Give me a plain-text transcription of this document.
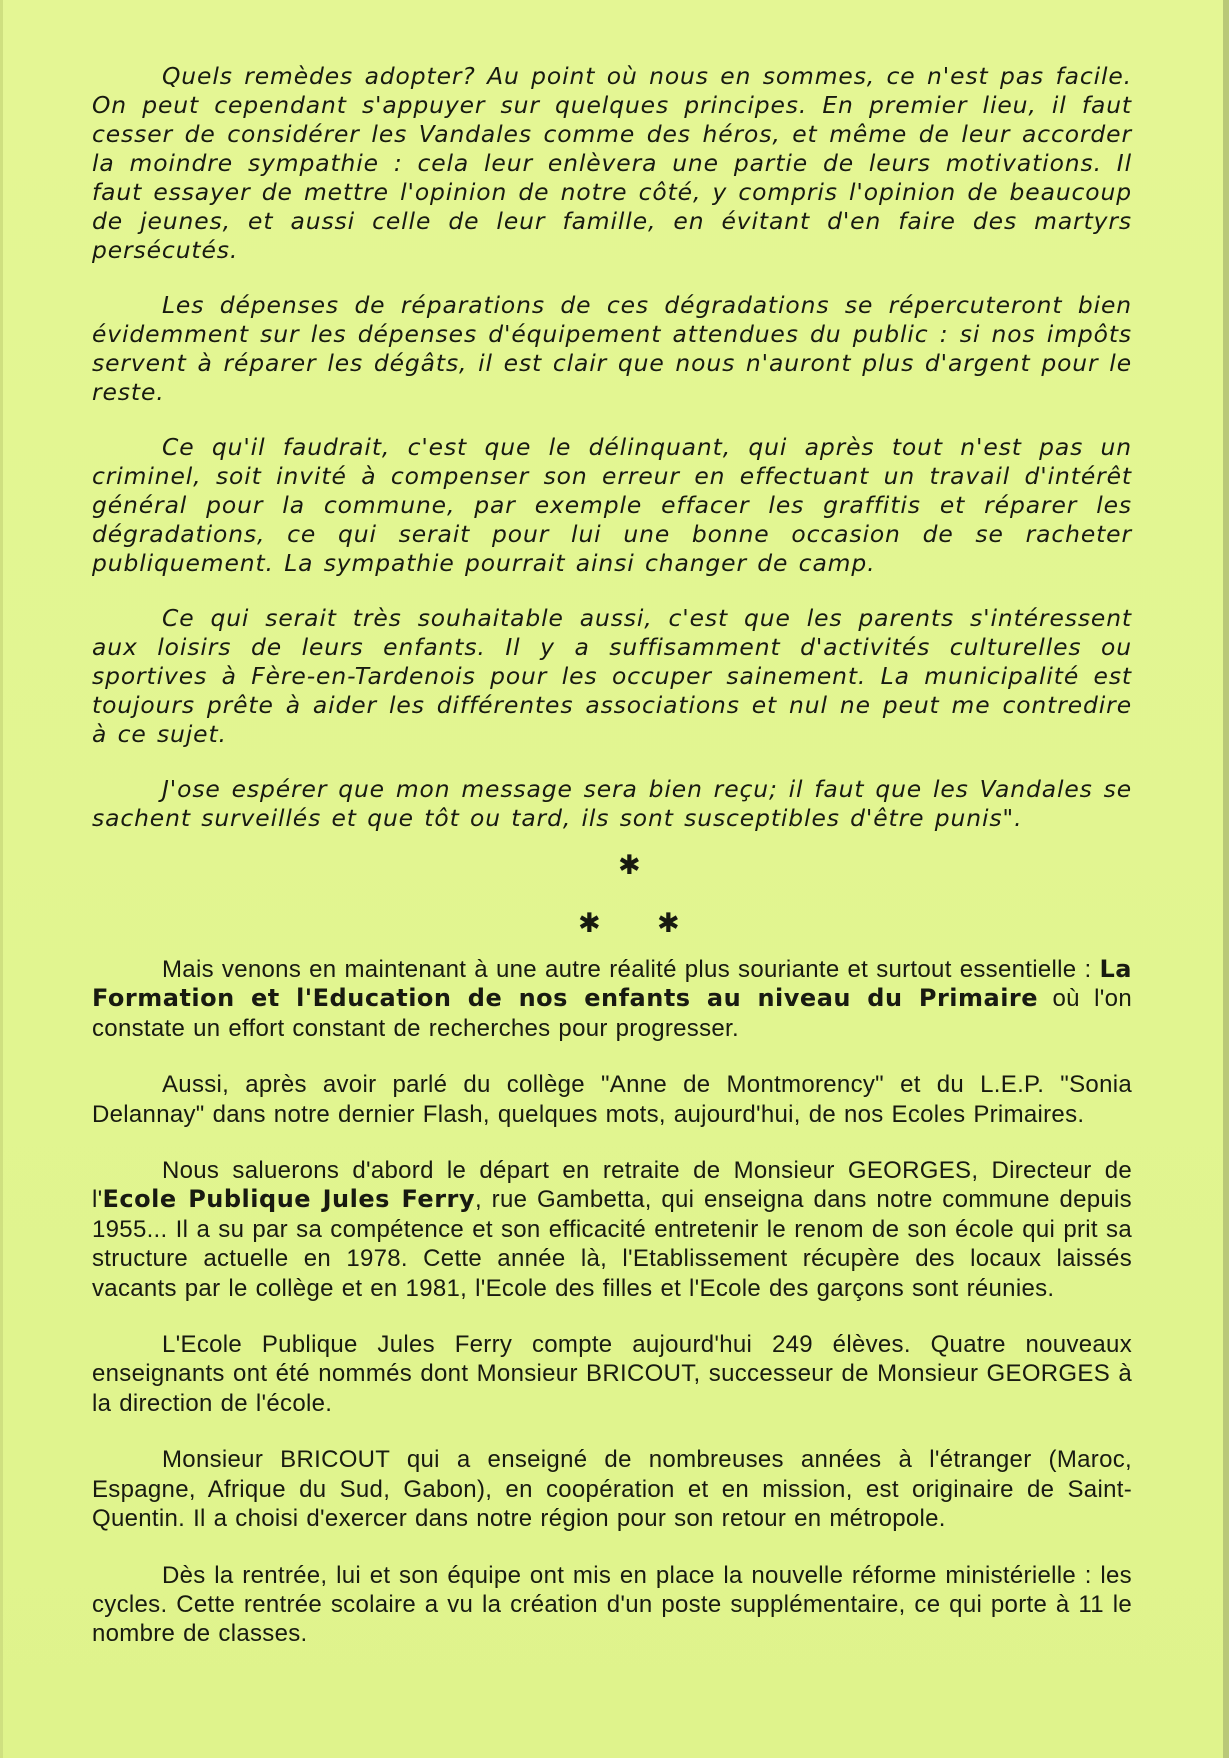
Quels remèdes adopter? Au point où nous en sommes, ce n'est pas facile. On peut cependant s'appuyer sur quelques principes. En premier lieu, il faut cesser de considérer les Vandales comme des héros, et même de leur accorder la moindre sympathie : cela leur enlèvera une partie de leurs motivations. Il faut essayer de mettre l'opinion de notre côté, y compris l'opinion de beaucoup de jeunes, et aussi celle de leur famille, en évitant d'en faire des martyrs persécutés.

Les dépenses de réparations de ces dégradations se répercuteront bien évidemment sur les dépenses d'équipement attendues du public : si nos impôts servent à réparer les dégâts, il est clair que nous n'auront plus d'argent pour le reste.

Ce qu'il faudrait, c'est que le délinquant, qui après tout n'est pas un criminel, soit invité à compenser son erreur en effectuant un travail d'intérêt général pour la commune, par exemple effacer les graffitis et réparer les dégradations, ce qui serait pour lui une bonne occasion de se racheter publiquement. La sympathie pourrait ainsi changer de camp.

Ce qui serait très souhaitable aussi, c'est que les parents s'intéressent aux loisirs de leurs enfants. Il y a suffisamment d'activités culturelles ou sportives à Fère-en-Tardenois pour les occuper sainement. La municipalité est toujours prête à aider les différentes associations et nul ne peut me contredire à ce sujet.

J'ose espérer que mon message sera bien reçu; il faut que les Vandales se sachent surveillés et que tôt ou tard, ils sont susceptibles d'être punis".

✱
✱ ✱

Mais venons en maintenant à une autre réalité plus souriante et surtout essentielle : La Formation et l'Education de nos enfants au niveau du Primaire où l'on constate un effort constant de recherches pour progresser.

Aussi, après avoir parlé du collège "Anne de Montmorency" et du L.E.P. "Sonia Delannay" dans notre dernier Flash, quelques mots, aujourd'hui, de nos Ecoles Primaires.

Nous saluerons d'abord le départ en retraite de Monsieur GEORGES, Directeur de l'Ecole Publique Jules Ferry, rue Gambetta, qui enseigna dans notre commune depuis 1955... Il a su par sa compétence et son efficacité entretenir le renom de son école qui prit sa structure actuelle en 1978. Cette année là, l'Etablissement récupère des locaux laissés vacants par le collège et en 1981, l'Ecole des filles et l'Ecole des garçons sont réunies.

L'Ecole Publique Jules Ferry compte aujourd'hui 249 élèves. Quatre nouveaux enseignants ont été nommés dont Monsieur BRICOUT, successeur de Monsieur GEORGES à la direction de l'école.

Monsieur BRICOUT qui a enseigné de nombreuses années à l'étranger (Maroc, Espagne, Afrique du Sud, Gabon), en coopération et en mission, est originaire de Saint-Quentin. Il a choisi d'exercer dans notre région pour son retour en métropole.

Dès la rentrée, lui et son équipe ont mis en place la nouvelle réforme ministérielle : les cycles. Cette rentrée scolaire a vu la création d'un poste supplémentaire, ce qui porte à 11 le nombre de classes.
